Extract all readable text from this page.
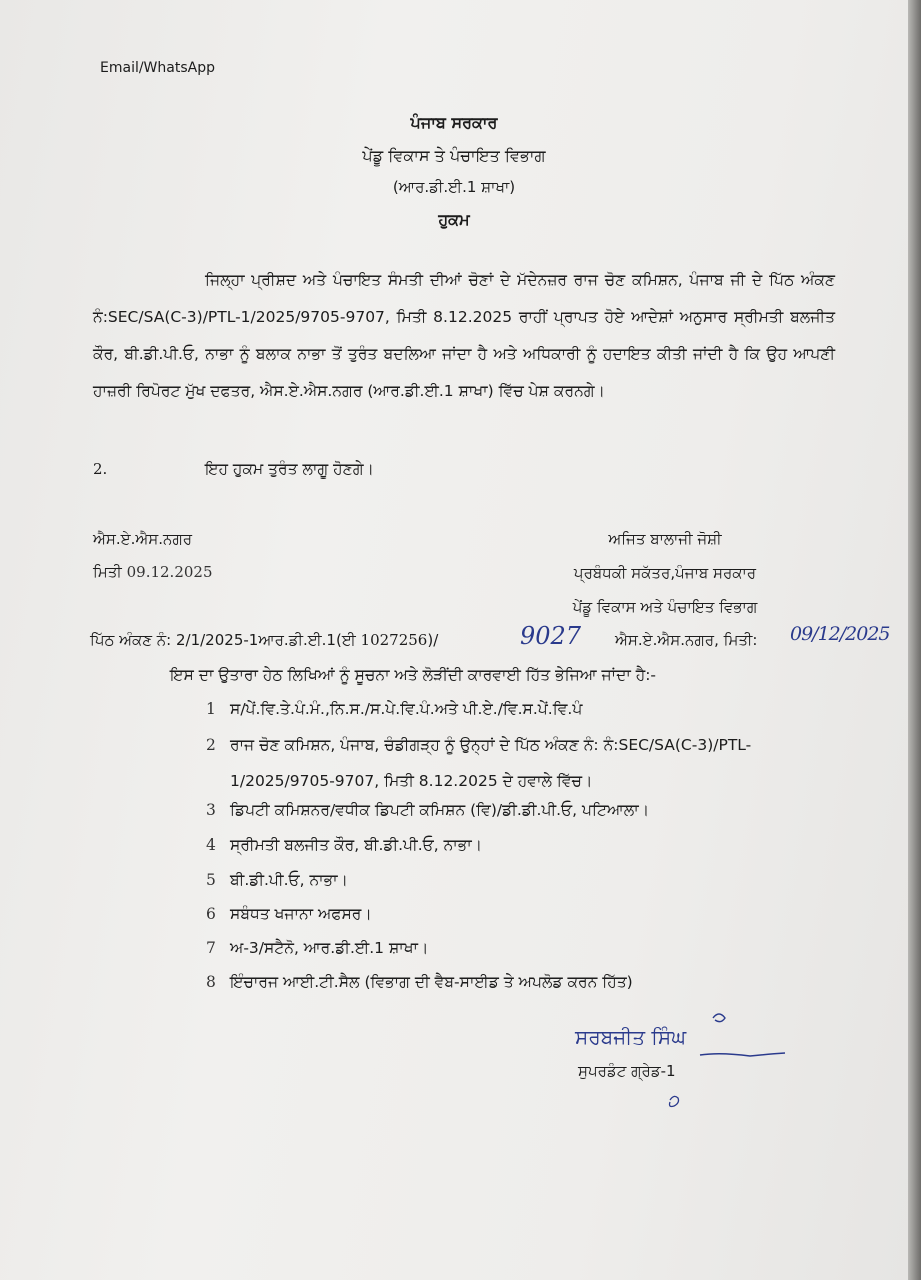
Email/WhatsApp
ਪੰਜਾਬ ਸਰਕਾਰ
ਪੇਂਡੂ ਵਿਕਾਸ ਤੇ ਪੰਚਾਇਤ ਵਿਭਾਗ
(ਆਰ.ਡੀ.ਈ.1 ਸ਼ਾਖਾ)
ਹੁਕਮ
ਜਿਲ੍ਹਾ ਪ੍ਰੀਸ਼ਦ ਅਤੇ ਪੰਚਾਇਤ ਸੰਮਤੀ ਦੀਆਂ ਚੋਣਾਂ ਦੇ ਮੱਦੇਨਜ਼ਰ ਰਾਜ ਚੋਣ ਕਮਿਸ਼ਨ, ਪੰਜਾਬ ਜੀ ਦੇ ਪਿੱਠ ਅੰਕਣ ਨੰ:SEC/SA(C-3)/PTL-1/2025/9705-9707, ਮਿਤੀ 8.12.2025 ਰਾਹੀਂ ਪ੍ਰਾਪਤ ਹੋਏ ਆਦੇਸ਼ਾਂ ਅਨੁਸਾਰ ਸ੍ਰੀਮਤੀ ਬਲਜੀਤ ਕੌਰ, ਬੀ.ਡੀ.ਪੀ.ਓ, ਨਾਭਾ ਨੂੰ ਬਲਾਕ ਨਾਭਾ ਤੋਂ ਤੁਰੰਤ ਬਦਲਿਆ ਜਾਂਦਾ ਹੈ ਅਤੇ ਅਧਿਕਾਰੀ ਨੂੰ ਹਦਾਇਤ ਕੀਤੀ ਜਾਂਦੀ ਹੈ ਕਿ ਉਹ ਆਪਣੀ ਹਾਜ਼ਰੀ ਰਿਪੋਰਟ ਮੁੱਖ ਦਫਤਰ, ਐਸ.ਏ.ਐਸ.ਨਗਰ (ਆਰ.ਡੀ.ਈ.1 ਸ਼ਾਖਾ) ਵਿੱਚ ਪੇਸ਼ ਕਰਨਗੇ।
2.	ਇਹ ਹੁਕਮ ਤੁਰੰਤ ਲਾਗੂ ਹੋਣਗੇ।
ਐਸ.ਏ.ਐਸ.ਨਗਰ
ਮਿਤੀ 09.12.2025
ਅਜਿਤ ਬਾਲਾਜੀ ਜੋਸ਼ੀ
ਪ੍ਰਬੰਧਕੀ ਸਕੱਤਰ,ਪੰਜਾਬ ਸਰਕਾਰ
ਪੇਂਡੂ ਵਿਕਾਸ ਅਤੇ ਪੰਚਾਇਤ ਵਿਭਾਗ
ਪਿੱਠ ਅੰਕਣ ਨੰ: 2/1/2025-1ਆਰ.ਡੀ.ਈ.1(ਈ 1027256)/	9027 ਐਸ.ਏ.ਐਸ.ਨਗਰ, ਮਿਤੀ: 09/12/2025
ਇਸ ਦਾ ਉਤਾਰਾ ਹੇਠ ਲਿਖਿਆਂ ਨੂੰ ਸੂਚਨਾ ਅਤੇ ਲੋੜੀਂਦੀ ਕਾਰਵਾਈ ਹਿੱਤ ਭੇਜਿਆ ਜਾਂਦਾ ਹੈ:-
1 ਸ/ਪੇਂ.ਵਿ.ਤੇ.ਪੰ.ਮੰ.,ਨਿ.ਸ./ਸ.ਪੇ.ਵਿ.ਪੰ.ਅਤੇ ਪੀ.ਏ./ਵਿ.ਸ.ਪੇਂ.ਵਿ.ਪੰ
2 ਰਾਜ ਚੋਣ ਕਮਿਸ਼ਨ, ਪੰਜਾਬ, ਚੰਡੀਗੜ੍ਹ ਨੂੰ ਉਨ੍ਹਾਂ ਦੇ ਪਿੱਠ ਅੰਕਣ ਨੰ: ਨੰ:SEC/SA(C-3)/PTL-1/2025/9705-9707, ਮਿਤੀ 8.12.2025 ਦੇ ਹਵਾਲੇ ਵਿੱਚ।
3 ਡਿਪਟੀ ਕਮਿਸ਼ਨਰ/ਵਧੀਕ ਡਿਪਟੀ ਕਮਿਸ਼ਨ (ਵਿ)/ਡੀ.ਡੀ.ਪੀ.ਓ, ਪਟਿਆਲਾ।
4 ਸ੍ਰੀਮਤੀ ਬਲਜੀਤ ਕੌਰ, ਬੀ.ਡੀ.ਪੀ.ਓ, ਨਾਭਾ।
5 ਬੀ.ਡੀ.ਪੀ.ਓ, ਨਾਭਾ।
6 ਸਬੰਧਤ ਖਜਾਨਾ ਅਫਸਰ।
7 ਅ-3/ਸਟੈਨੋ, ਆਰ.ਡੀ.ਈ.1 ਸ਼ਾਖਾ।
8 ਇੰਚਾਰਜ ਆਈ.ਟੀ.ਸੈਲ (ਵਿਭਾਗ ਦੀ ਵੈਬ-ਸਾਈਡ ਤੇ ਅਪਲੋਡ ਕਰਨ ਹਿੱਤ)
ਸਰਬਜੀਤ ਸਿੰਘ
ਸੁਪਰਡੰਟ ਗ੍ਰੇਡ-1
